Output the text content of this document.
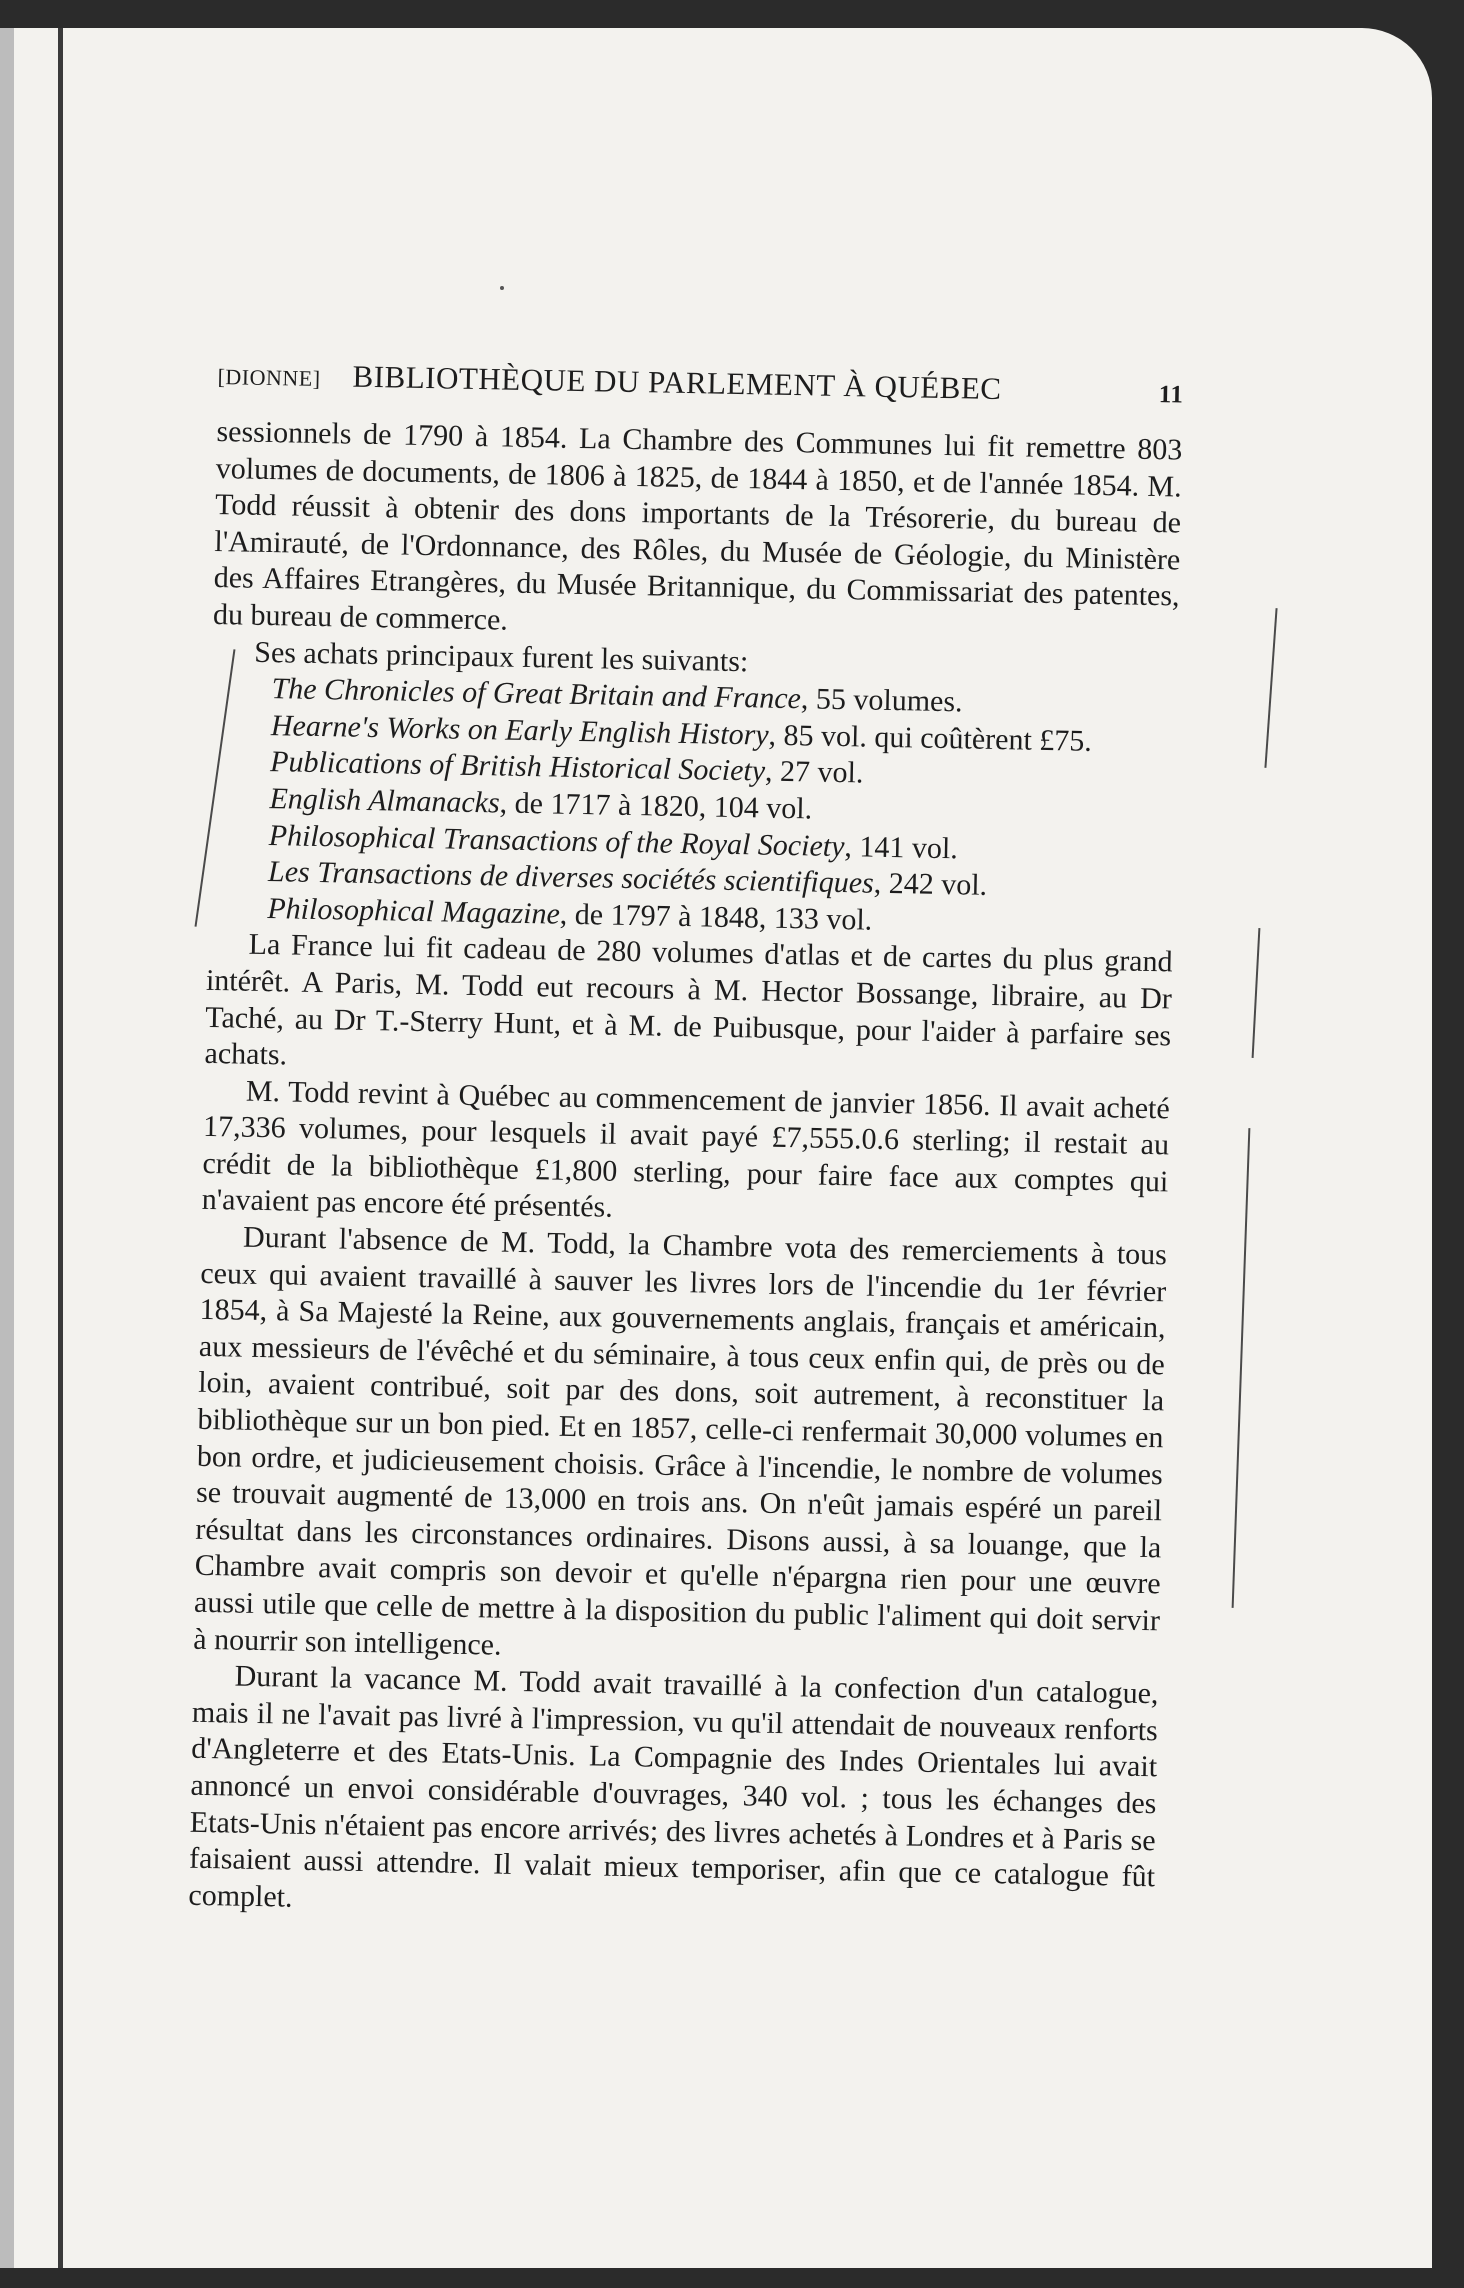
[DIONNE] BIBLIOTHÈQUE DU PARLEMENT À QUÉBEC	11

sessionnels de 1790 à 1854. La Chambre des Communes lui fit remettre 803 volumes de documents, de 1806 à 1825, de 1844 à 1850, et de l'année 1854. M. Todd réussit à obtenir des dons importants de la Trésorerie, du bureau de l'Amirauté, de l'Ordonnance, des Rôles, du Musée de Géologie, du Ministère des Affaires Etrangères, du Musée Britannique, du Commissariat des patentes, du bureau de commerce.

Ses achats principaux furent les suivants:

The Chronicles of Great Britain and France, 55 volumes.
Hearne's Works on Early English History, 85 vol. qui coûtèrent £75.
Publications of British Historical Society, 27 vol.
English Almanacks, de 1717 à 1820, 104 vol.
Philosophical Transactions of the Royal Society, 141 vol.
Les Transactions de diverses sociétés scientifiques, 242 vol.
Philosophical Magazine, de 1797 à 1848, 133 vol.

La France lui fit cadeau de 280 volumes d'atlas et de cartes du plus grand intérêt. A Paris, M. Todd eut recours à M. Hector Bossange, libraire, au Dr Taché, au Dr T.-Sterry Hunt, et à M. de Puibusque, pour l'aider à parfaire ses achats.

M. Todd revint à Québec au commencement de janvier 1856. Il avait acheté 17,336 volumes, pour lesquels il avait payé £7,555.0.6 sterling; il restait au crédit de la bibliothèque £1,800 sterling, pour faire face aux comptes qui n'avaient pas encore été présentés.

Durant l'absence de M. Todd, la Chambre vota des remerciements à tous ceux qui avaient travaillé à sauver les livres lors de l'incendie du 1er février 1854, à Sa Majesté la Reine, aux gouvernements anglais, français et américain, aux messieurs de l'évêché et du séminaire, à tous ceux enfin qui, de près ou de loin, avaient contribué, soit par des dons, soit autrement, à reconstituer la bibliothèque sur un bon pied. Et en 1857, celle-ci renfermait 30,000 volumes en bon ordre, et judicieusement choisis. Grâce à l'incendie, le nombre de volumes se trouvait augmenté de 13,000 en trois ans. On n'eût jamais espéré un pareil résultat dans les circonstances ordinaires. Disons aussi, à sa louange, que la Chambre avait compris son devoir et qu'elle n'épargna rien pour une œuvre aussi utile que celle de mettre à la disposition du public l'aliment qui doit servir à nourrir son intelligence.

Durant la vacance M. Todd avait travaillé à la confection d'un catalogue, mais il ne l'avait pas livré à l'impression, vu qu'il attendait de nouveaux renforts d'Angleterre et des Etats-Unis. La Compagnie des Indes Orientales lui avait annoncé un envoi considérable d'ouvrages, 340 vol. ; tous les échanges des Etats-Unis n'étaient pas encore arrivés; des livres achetés à Londres et à Paris se faisaient aussi attendre. Il valait mieux temporiser, afin que ce catalogue fût complet.
